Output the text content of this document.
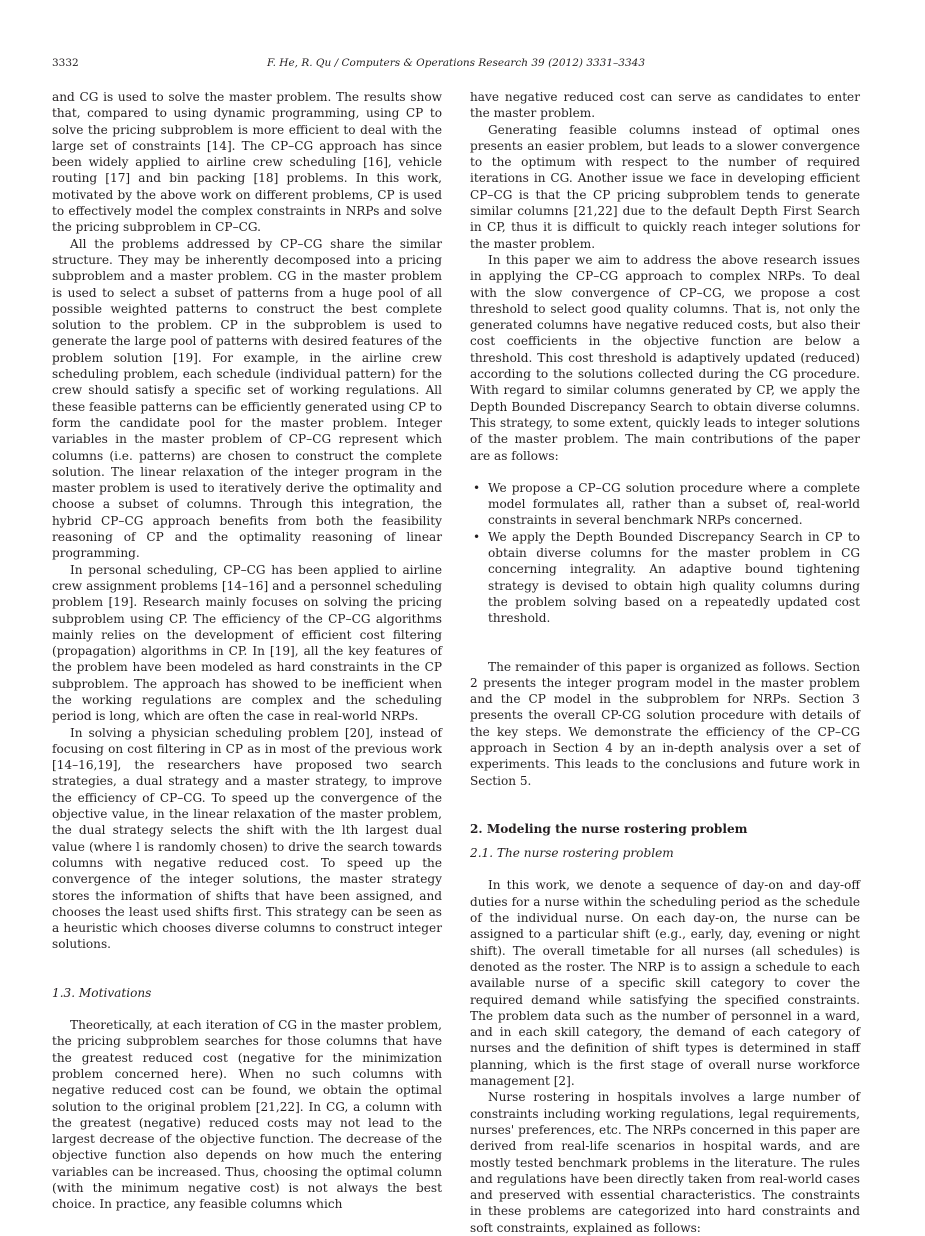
3332	F. He, R. Qu / Computers & Operations Research 39 (2012) 3331–3343

and CG is used to solve the master problem. The results show that, compared to using dynamic programming, using CP to solve the pricing subproblem is more efficient to deal with the large set of constraints [14]. The CP–CG approach has since been widely applied to airline crew scheduling [16], vehicle routing [17] and bin packing [18] problems. In this work, motivated by the above work on different problems, CP is used to effectively model the complex constraints in NRPs and solve the pricing subproblem in CP–CG.

All the problems addressed by CP–CG share the similar structure. They may be inherently decomposed into a pricing subproblem and a master problem. CG in the master problem is used to select a subset of patterns from a huge pool of all possible weighted patterns to construct the best complete solution to the problem. CP in the subproblem is used to generate the large pool of patterns with desired features of the problem solution [19]. For example, in the airline crew scheduling problem, each schedule (individual pattern) for the crew should satisfy a specific set of working regulations. All these feasible patterns can be efficiently generated using CP to form the candidate pool for the master problem. Integer variables in the master problem of CP–CG represent which columns (i.e. patterns) are chosen to construct the complete solution. The linear relaxation of the integer program in the master problem is used to iteratively derive the optimality and choose a subset of columns. Through this integration, the hybrid CP–CG approach benefits from both the feasibility reasoning of CP and the optimality reasoning of linear programming.

In personal scheduling, CP–CG has been applied to airline crew assignment problems [14–16] and a personnel scheduling problem [19]. Research mainly focuses on solving the pricing subproblem using CP. The efficiency of the CP–CG algorithms mainly relies on the development of efficient cost filtering (propagation) algorithms in CP. In [19], all the key features of the problem have been modeled as hard constraints in the CP subproblem. The approach has showed to be inefficient when the working regulations are complex and the scheduling period is long, which are often the case in real-world NRPs.

In solving a physician scheduling problem [20], instead of focusing on cost filtering in CP as in most of the previous work [14–16,19], the researchers have proposed two search strategies, a dual strategy and a master strategy, to improve the efficiency of CP–CG. To speed up the convergence of the objective value, in the linear relaxation of the master problem, the dual strategy selects the shift with the lth largest dual value (where l is randomly chosen) to drive the search towards columns with negative reduced cost. To speed up the convergence of the integer solutions, the master strategy stores the information of shifts that have been assigned, and chooses the least used shifts first. This strategy can be seen as a heuristic which chooses diverse columns to construct integer solutions.

1.3. Motivations

Theoretically, at each iteration of CG in the master problem, the pricing subproblem searches for those columns that have the greatest reduced cost (negative for the minimization problem concerned here). When no such columns with negative reduced cost can be found, we obtain the optimal solution to the original problem [21,22]. In CG, a column with the greatest (negative) reduced costs may not lead to the largest decrease of the objective function. The decrease of the objective function also depends on how much the entering variables can be increased. Thus, choosing the optimal column (with the minimum negative cost) is not always the best choice. In practice, any feasible columns which

have negative reduced cost can serve as candidates to enter the master problem.

Generating feasible columns instead of optimal ones presents an easier problem, but leads to a slower convergence to the optimum with respect to the number of required iterations in CG. Another issue we face in developing efficient CP–CG is that the CP pricing subproblem tends to generate similar columns [21,22] due to the default Depth First Search in CP, thus it is difficult to quickly reach integer solutions for the master problem.

In this paper we aim to address the above research issues in applying the CP–CG approach to complex NRPs. To deal with the slow convergence of CP–CG, we propose a cost threshold to select good quality columns. That is, not only the generated columns have negative reduced costs, but also their cost coefficients in the objective function are below a threshold. This cost threshold is adaptively updated (reduced) according to the solutions collected during the CG procedure. With regard to similar columns generated by CP, we apply the Depth Bounded Discrepancy Search to obtain diverse columns. This strategy, to some extent, quickly leads to integer solutions of the master problem. The main contributions of the paper are as follows:

• We propose a CP–CG solution procedure where a complete model formulates all, rather than a subset of, real-world constraints in several benchmark NRPs concerned.
• We apply the Depth Bounded Discrepancy Search in CP to obtain diverse columns for the master problem in CG concerning integrality. An adaptive bound tightening strategy is devised to obtain high quality columns during the problem solving based on a repeatedly updated cost threshold.

The remainder of this paper is organized as follows. Section 2 presents the integer program model in the master problem and the CP model in the subproblem for NRPs. Section 3 presents the overall CP-CG solution procedure with details of the key steps. We demonstrate the efficiency of the CP–CG approach in Section 4 by an in-depth analysis over a set of experiments. This leads to the conclusions and future work in Section 5.

2. Modeling the nurse rostering problem

2.1. The nurse rostering problem

In this work, we denote a sequence of day-on and day-off duties for a nurse within the scheduling period as the schedule of the individual nurse. On each day-on, the nurse can be assigned to a particular shift (e.g., early, day, evening or night shift). The overall timetable for all nurses (all schedules) is denoted as the roster. The NRP is to assign a schedule to each available nurse of a specific skill category to cover the required demand while satisfying the specified constraints. The problem data such as the number of personnel in a ward, and in each skill category, the demand of each category of nurses and the definition of shift types is determined in staff planning, which is the first stage of overall nurse workforce management [2].

Nurse rostering in hospitals involves a large number of constraints including working regulations, legal requirements, nurses' preferences, etc. The NRPs concerned in this paper are derived from real-life scenarios in hospital wards, and are mostly tested benchmark problems in the literature. The rules and regulations have been directly taken from real-world cases and preserved with essential characteristics. The constraints in these problems are categorized into hard constraints and soft constraints, explained as follows:
